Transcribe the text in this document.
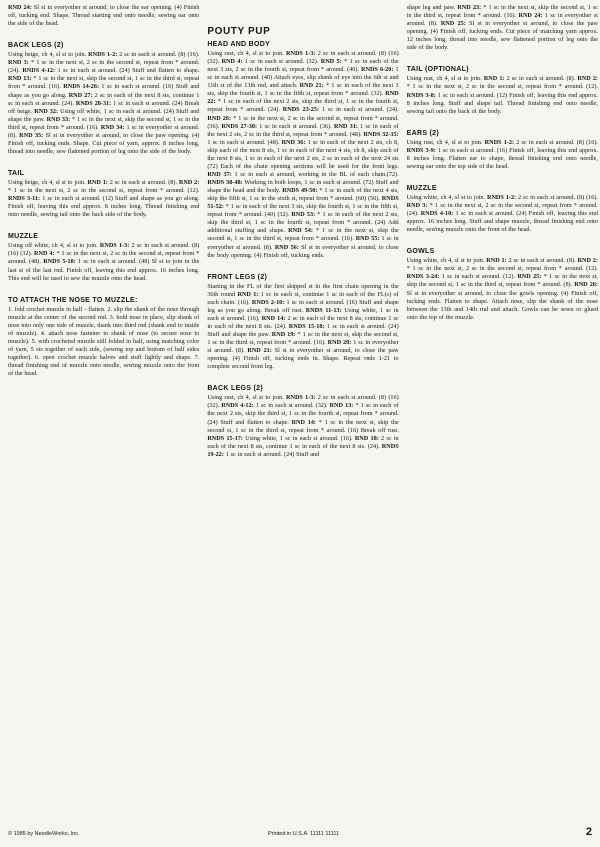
RND 24: Sl st in everyother st around, to close the ear opening. (4) Finish off, tucking end. Shape. Thread starting end onto needle, sewing ear onto the side of the head.

BACK LEGS (2)

Using beige, ch 4, sl st to join. RNDS 1-2: 2 sc in each st around. (8) (16). RND 3: * 1 sc in the next st, 2 sc in the second st, repeat from * around. (24). RNDS 4-12: 1 sc in each st around. (24) Stuff and flatten to shape. RND 13: * 1 sc in the next st, skip the second st, 1 sc in the third st, repeat from * around. (16). RNDS 14-26: 1 sc in each st around. (16) Stuff and shape as you go along. RND 27: 2 sc in each of the next 8 sts, continue 1 sc in each st around. (24). RNDS 28-31: 1 sc in each st around. (24) Break off beige. RND 32: Using off white, 1 sc in each st around. (24) Stuff and shape the paw. RND 33: * 1 sc in the next st, skip the second st, 1 sc in the third st, repeat from * around. (16). RND 34: 1 sc in everyother st around. (8). RND 35: Sl st in everyother st around, to close the paw opening. (4) Finish off, tucking ends. Shape. Cut piece of yarn, approx. 8 inches long, thread into needle, sew flattened portion of leg onto the side of the body.

TAIL

Using beige, ch 4, sl st to join. RND 1: 2 sc in each st around. (8). RND 2: * 1 sc in the next st, 2 sc in the second st, repeat from * around. (12). RNDS 3-11: 1 sc in each st around. (12) Stuff and shape as you go along. Finish off, leaving this end approx. 8 inches long. Thread finishing end onto needle, sewing tail onto the back side of the body.

MUZZLE

Using off white, ch 4, sl st to join. RNDS 1-3: 2 sc in each st around. (8) (16) (32). RND 4: * 1 sc in the next st, 2 sc in the second st, repeat from * around. (48). RNDS 5-10: 1 sc in each st around. (48) Sl st to join in the last st of the last rnd. Finish off, leaving this end approx. 16 inches long. This end will be used to sew the muzzle onto the head.

TO ATTACH THE NOSE TO MUZZLE:

1. fold crochet muzzle in half - flatten. 2. slip the shank of the nose through muzzle at the center of the second rnd. 3. hold nose in place, slip shank of nose into only one side of muzzle, thank into third rnd (shank end to inside of muzzle). 4. attach nose fastener to shank of nose (to secure nose to muzzle). 5. with crocheted muzzle still folded in half, using matching color of yarn, 5 sts together of each side, (sewing top and bottom of half sides together). 6. open crochet muzzle halves and stuff lightly and shape. 7. thread finishing end of muzzle onto needle, sewing muzzle onto the front of the head.

POUTY PUP
HEAD AND BODY

Using rust, ch 4, sl st to join. RNDS 1-3: 2 sc in each st around. (8) (16) (32). RND 4: 1 sc in each st around. (32). RND 5: * 1 sc in each of the next 3 sts, 2 sc in the fourth st, repeat from * around. (40). RNDS 6-20: 1 sc in each st around. (40) Attach eyes, slip shank of eye into the 6th st and 11th st of the 13th rnd, and attach. RND 21: * 1 sc in each of the next 3 sts, skip the fourth st, 1 sc in the fifth st, repeat from * around. (32). RND 22: * 1 sc in each of the next 2 sts, skip the third st, 1 sc in the fourth st, repeat from * around. (24). RNDS 23-25: 1 sc in each st around. (24). RND 26: * 1 sc in the next st, 2 sc in the second st, repeat from * around. (36). RNDS 27-30: 1 sc in each st around. (36). RND 31: 1 sc in each of the next 2 sts, 2 sc in the third st, repeat from * around. (48). RNDS 32-35: 1 sc in each st around. (48). RND 36: 1 sc in each of the next 2 sts, ch 8, skip each of the next 8 sts, 1 sc in each of the next 4 sts, ch 8, skip each of the next 8 sts, 1 sc in each of the next 2 sts, 2 sc in each of the next 24 sts (72) Each of the chain opening sections will be used for the front legs. RND 37: 1 sc in each st around, working in the BL of each chain.(72). RNDS 38-48: Working in both loops, 1 sc in each st around. (72) Stuff and shape the head and the body. RNDS 49-50: * 1 sc in each of the next 4 sts, skip the fifth st, 1 sc in the sixth st, repeat from * around. (60) (50). RNDS 51-52: * 1 sc in each of the next 3 sts, skip the fourth st, 1 sc in the fifth st, repeat from * around. (40) (32). RND 53: * 1 sc in each of the next 2 sts, skip the third st, 1 sc in the fourth st, repeat from * around. (24) Add additional stuffing and shape. RND 54: * 1 sc in the next st, skip the second st, 1 sc in the third st, repeat from * around. (16). RND 55: 1 sc in everyother st around. (8). RND 56: Sl st in everyother st around, to close the body opening. (4) Finish off, tucking ends.

FRONT LEGS (2)

Starting in the FL of the first skipped st in the first chain opening in the 36th round RND 1: 1 sc in each st, continue 1 sc in each of the FL(s) of each chain. (16). RNDS 2-10: 1 sc in each st around. (16) Stuff and shape leg as you go along. Break off rust. RNDS 11-13: Using white, 1 sc in each st around. (16). RND 14: 2 sc in each of the next 8 sts, continue 1 sc in each of the next 8 sts. (24). RNDS 15-18: 1 sc in each st around. (24) Stuff and shape the paw. RND 19: * 1 sc in the next st, skip the second st, 1 sc in the third st, repeat from * around. (16). RND 20: 1 sc in everyother st around. (8). RND 21: Sl st in everyother st around, to close the paw opening. (4) Finish off, tucking ends in. Shape. Repeat rnds 1-21 to complete second front leg.

BACK LEGS (2)

Using rust, ch 4, sl st to join. RNDS 1-3: 2 sc in each st around. (8) (16) (32). RNDS 4-12: 1 sc in each st around. (32). RND 13: * 1 sc in each of the next 2 sts, skip the third st, 1 sc in the fourth st, repeat from * around. (24) Stuff and flatten to shape. RND 14: * 1 sc in the next st, skip the second st, 1 sc in the third st, repeat from * around. (16) Break off rust. RNDS 15-17: Using white, 1 sc in each st around. (16). RND 18: 2 sc in each of the next 8 sts, continue 1 sc in each of the next 8 sts. (24). RNDS 19-22: 1 sc in each st around. (24) Stuff and

shape leg and paw. RND 23: * 1 sc in the next st, skip the second st, 1 sc in the third st, repeat from * around. (16). RND 24: 1 sc in everyother st around. (8). RND 25: Sl st in everyother st around, to close the paw opening. (4) Finish off, tucking ends. Cut piece of matching yarn approx. 12 inches long, thread into needle, sew flattened portion of leg onto the side of the body.

TAIL (OPTIONAL)

Using rust, ch 4, sl st to join. RND 1: 2 sc in each st around. (8). RND 2: * 1 sc in the next st, 2 sc in the second st, repeat from * around. (12). RNDS 3-8: 1 sc in each st around. (12) Finish off, leaving this end approx. 8 inches long. Stuff and shape tail. Thread finishing end onto needle, sewing tail onto the back of the body.

EARS (2)

Using rust, ch 4, sl st to join. RNDS 1-2: 2 sc in each st around. (8) (16). RNDS 3-9: 1 sc in each st around. (16) Finish off, leaving this end approx. 8 inches long. Flatten ear to shape, thread finishing end onto needle, sewing ear onto the top side of the head.

MUZZLE

Using white, ch 4, sl st to join. RNDS 1-2: 2 sc in each st around. (8) (16). RND 3: * 1 sc in the next st, 2 sc in the second st, repeat from * around. (24). RNDS 4-10: 1 sc in each st around. (24) Finish off, leaving this end approx. 16 inches long. Stuff and shape muzzle, thread finishing end onto needle, sewing muzzle onto the front of the head.

GOWLS

Using white, ch 4, sl st to join. RND 1: 2 sc in each st around. (8). RND 2: * 1 sc in the next st, 2 sc in the second st, repeat from * around. (12). RNDS 3-24: 1 sc in each st around. (12). RND 25: * 1 sc in the next st, skip the second st, 1 sc in the third st, repeat from * around. (8). RND 26: Sl st in everyother st around, to close the gowls opening. (4) Finish off, tucking ends. Flatten to shape. Attach nose, slip the shank of the nose between the 13th and 14th rnd and attach. Gowls can be sewn or glued onto the top of the muzzle.

© 1985 by NeedleWorks, Inc.	Printed in U.S.A. 11111 11111	2
